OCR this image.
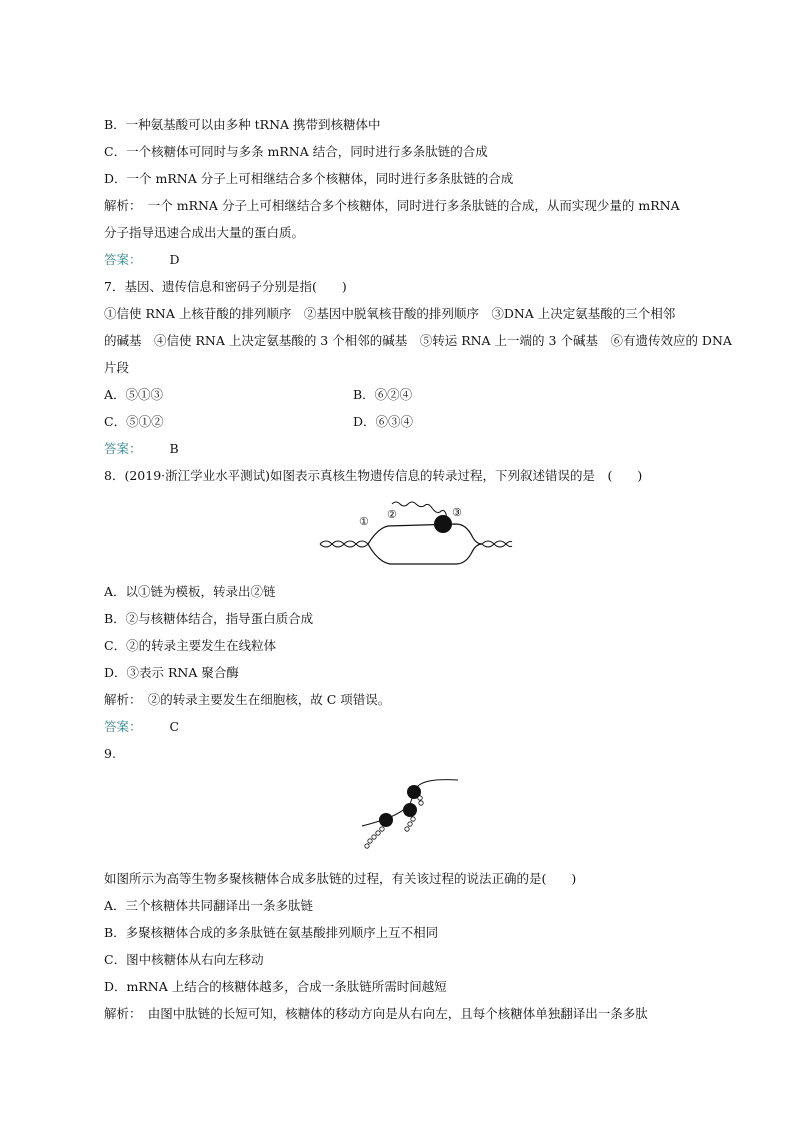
B．一种氨基酸可以由多种 tRNA 携带到核糖体中
C．一个核糖体可同时与多条 mRNA 结合，同时进行多条肽链的合成
D．一个 mRNA 分子上可相继结合多个核糖体，同时进行多条肽链的合成
解析：　一个 mRNA 分子上可相继结合多个核糖体，同时进行多条肽链的合成，从而实现少量的 mRNA
分子指导迅速合成出大量的蛋白质。
答案： D
7．基因、遗传信息和密码子分别是指(　　)
①信使 RNA 上核苷酸的排列顺序　②基因中脱氧核苷酸的排列顺序　③DNA 上决定氨基酸的三个相邻
的碱基　④信使 RNA 上决定氨基酸的 3 个相邻的碱基　⑤转运 RNA 上一端的 3 个碱基　⑥有遗传效应的 DNA
片段
A．⑤①③	B．⑥②④
C．⑤①②	D．⑥③④
答案： B
8．(2019·浙江学业水平测试)如图表示真核生物遗传信息的转录过程，下列叙述错误的是　(　　)
①
②	③
A．以①链为模板，转录出②链
B．②与核糖体结合，指导蛋白质合成
C．②的转录主要发生在线粒体
D．③表示 RNA 聚合酶
解析：　②的转录主要发生在细胞核，故 C 项错误。
答案： C
9.
如图所示为高等生物多聚核糖体合成多肽链的过程，有关该过程的说法正确的是(　　)
A．三个核糖体共同翻译出一条多肽链
B．多聚核糖体合成的多条肽链在氨基酸排列顺序上互不相同
C．图中核糖体从右向左移动
D．mRNA 上结合的核糖体越多，合成一条肽链所需时间越短
解析：　由图中肽链的长短可知，核糖体的移动方向是从右向左，且每个核糖体单独翻译出一条多肽
